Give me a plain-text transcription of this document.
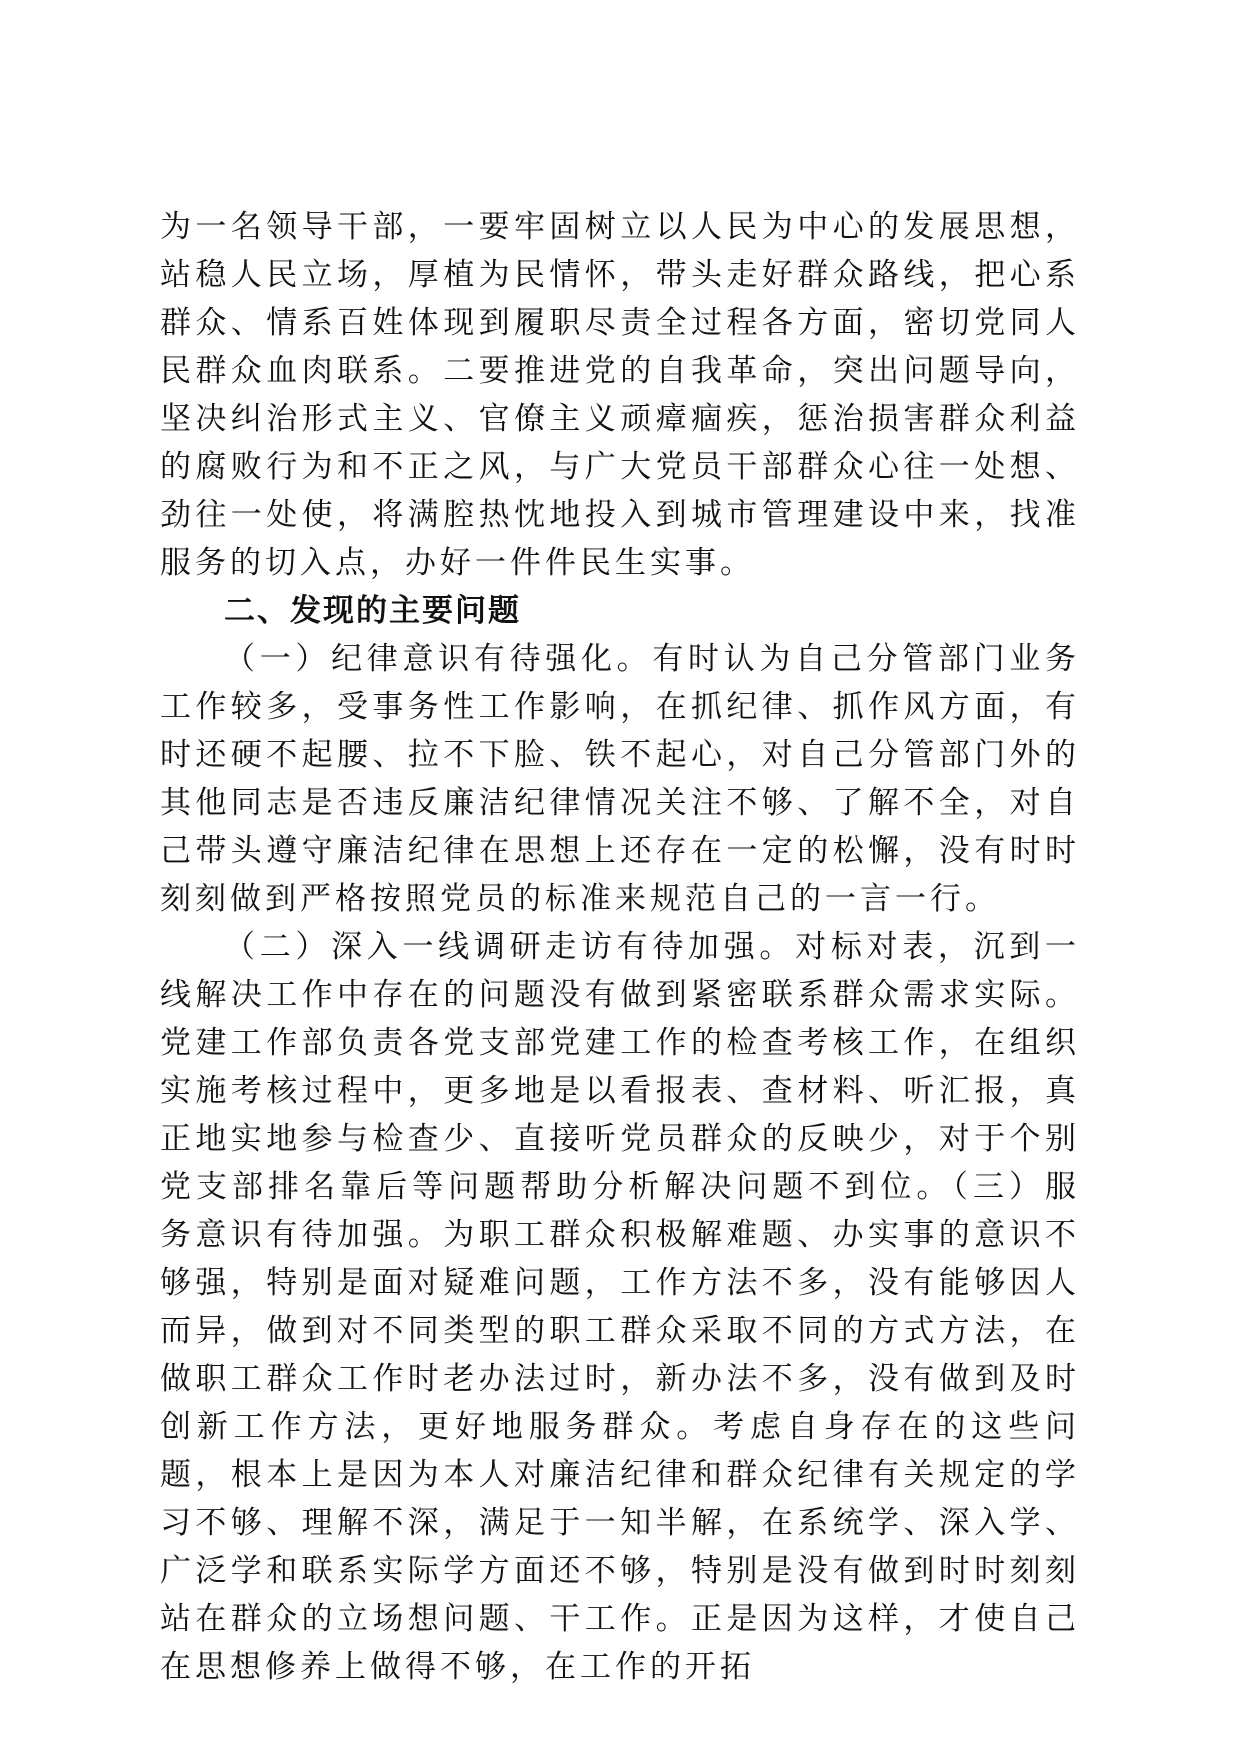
为一名领导干部，一要牢固树立以人民为中心的发展思想，站稳人民立场，厚植为民情怀，带头走好群众路线，把心系群众、情系百姓体现到履职尽责全过程各方面，密切党同人民群众血肉联系。二要推进党的自我革命，突出问题导向，坚决纠治形式主义、官僚主义顽瘴痼疾，惩治损害群众利益的腐败行为和不正之风，与广大党员干部群众心往一处想、劲往一处使，将满腔热忱地投入到城市管理建设中来，找准服务的切入点，办好一件件民生实事。

二、发现的主要问题

（一）纪律意识有待强化。有时认为自己分管部门业务工作较多，受事务性工作影响，在抓纪律、抓作风方面，有时还硬不起腰、拉不下脸、铁不起心，对自己分管部门外的其他同志是否违反廉洁纪律情况关注不够、了解不全，对自己带头遵守廉洁纪律在思想上还存在一定的松懈，没有时时刻刻做到严格按照党员的标准来规范自己的一言一行。

（二）深入一线调研走访有待加强。对标对表，沉到一线解决工作中存在的问题没有做到紧密联系群众需求实际。党建工作部负责各党支部党建工作的检查考核工作，在组织实施考核过程中，更多地是以看报表、查材料、听汇报，真正地实地参与检查少、直接听党员群众的反映少，对于个别党支部排名靠后等问题帮助分析解决问题不到位。（三）服务意识有待加强。为职工群众积极解难题、办实事的意识不够强，特别是面对疑难问题，工作方法不多，没有能够因人而异，做到对不同类型的职工群众采取不同的方式方法，在做职工群众工作时老办法过时，新办法不多，没有做到及时创新工作方法，更好地服务群众。考虑自身存在的这些问题，根本上是因为本人对廉洁纪律和群众纪律有关规定的学习不够、理解不深，满足于一知半解，在系统学、深入学、广泛学和联系实际学方面还不够，特别是没有做到时时刻刻站在群众的立场想问题、干工作。正是因为这样，才使自己在思想修养上做得不够，在工作的开拓
